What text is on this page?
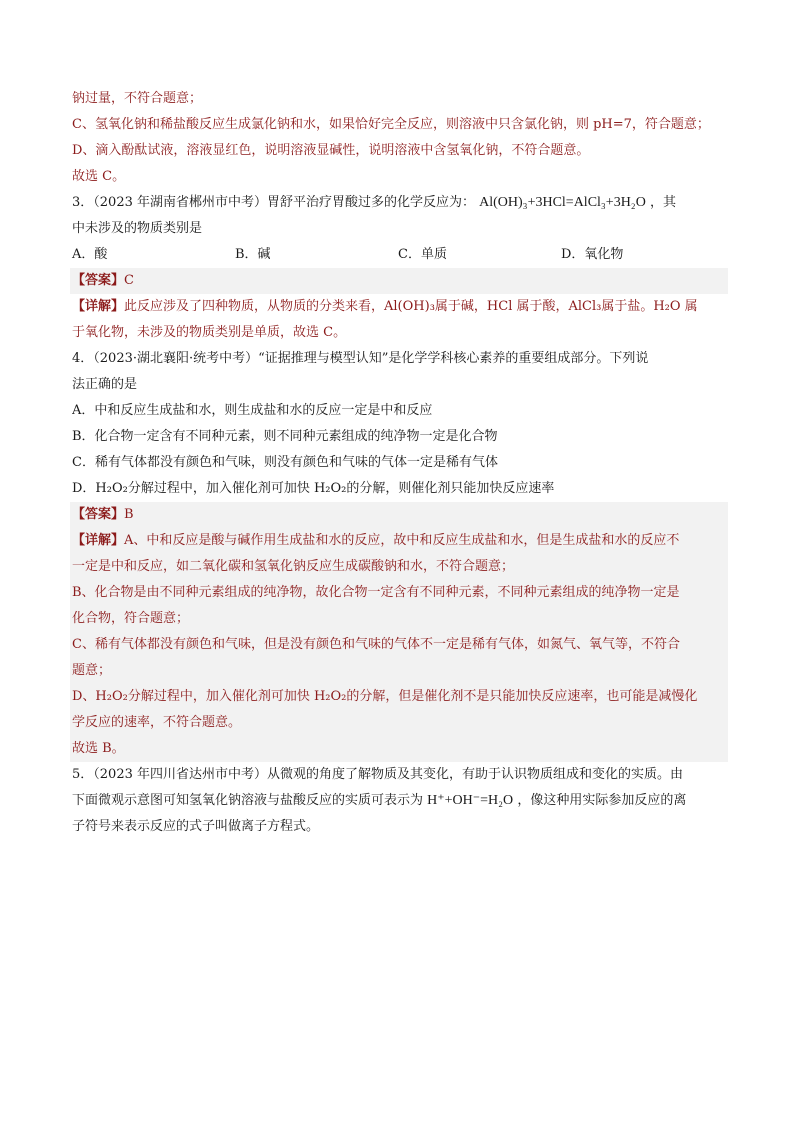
钠过量，不符合题意；
C、氢氧化钠和稀盐酸反应生成氯化钠和水，如果恰好完全反应，则溶液中只含氯化钠，则 pH=7，符合题意；
D、滴入酚酞试液，溶液显红色，说明溶液显碱性，说明溶液中含氢氧化钠，不符合题意。
故选 C。
3．（2023 年湖南省郴州市中考）胃舒平治疗胃酸过多的化学反应为： Al(OH)₃+3HCl=AlCl₃+3H₂O ，其
中未涉及的物质类别是
A．酸	B．碱	C．单质	D．氧化物
【答案】C
【详解】此反应涉及了四种物质，从物质的分类来看，Al(OH)₃属于碱，HCl 属于酸，AlCl₃属于盐。H₂O 属
于氧化物，未涉及的物质类别是单质，故选 C。
4．（2023·湖北襄阳·统考中考）“证据推理与模型认知”是化学学科核心素养的重要组成部分。下列说
法正确的是
A．中和反应生成盐和水，则生成盐和水的反应一定是中和反应
B．化合物一定含有不同种元素，则不同种元素组成的纯净物一定是化合物
C．稀有气体都没有颜色和气味，则没有颜色和气味的气体一定是稀有气体
D．H₂O₂分解过程中，加入催化剂可加快 H₂O₂的分解，则催化剂只能加快反应速率
【答案】B
【详解】A、中和反应是酸与碱作用生成盐和水的反应，故中和反应生成盐和水，但是生成盐和水的反应不
一定是中和反应，如二氧化碳和氢氧化钠反应生成碳酸钠和水，不符合题意；
B、化合物是由不同种元素组成的纯净物，故化合物一定含有不同种元素，不同种元素组成的纯净物一定是
化合物，符合题意；
C、稀有气体都没有颜色和气味，但是没有颜色和气味的气体不一定是稀有气体，如氮气、氧气等，不符合
题意；
D、H₂O₂分解过程中，加入催化剂可加快 H₂O₂的分解，但是催化剂不是只能加快反应速率，也可能是减慢化
学反应的速率，不符合题意。
故选 B。
5．（2023 年四川省达州市中考）从微观的角度了解物质及其变化，有助于认识物质组成和变化的实质。由
下面微观示意图可知氢氧化钠溶液与盐酸反应的实质可表示为 H⁺+OH⁻=H₂O ，像这种用实际参加反应的离
子符号来表示反应的式子叫做离子方程式。
